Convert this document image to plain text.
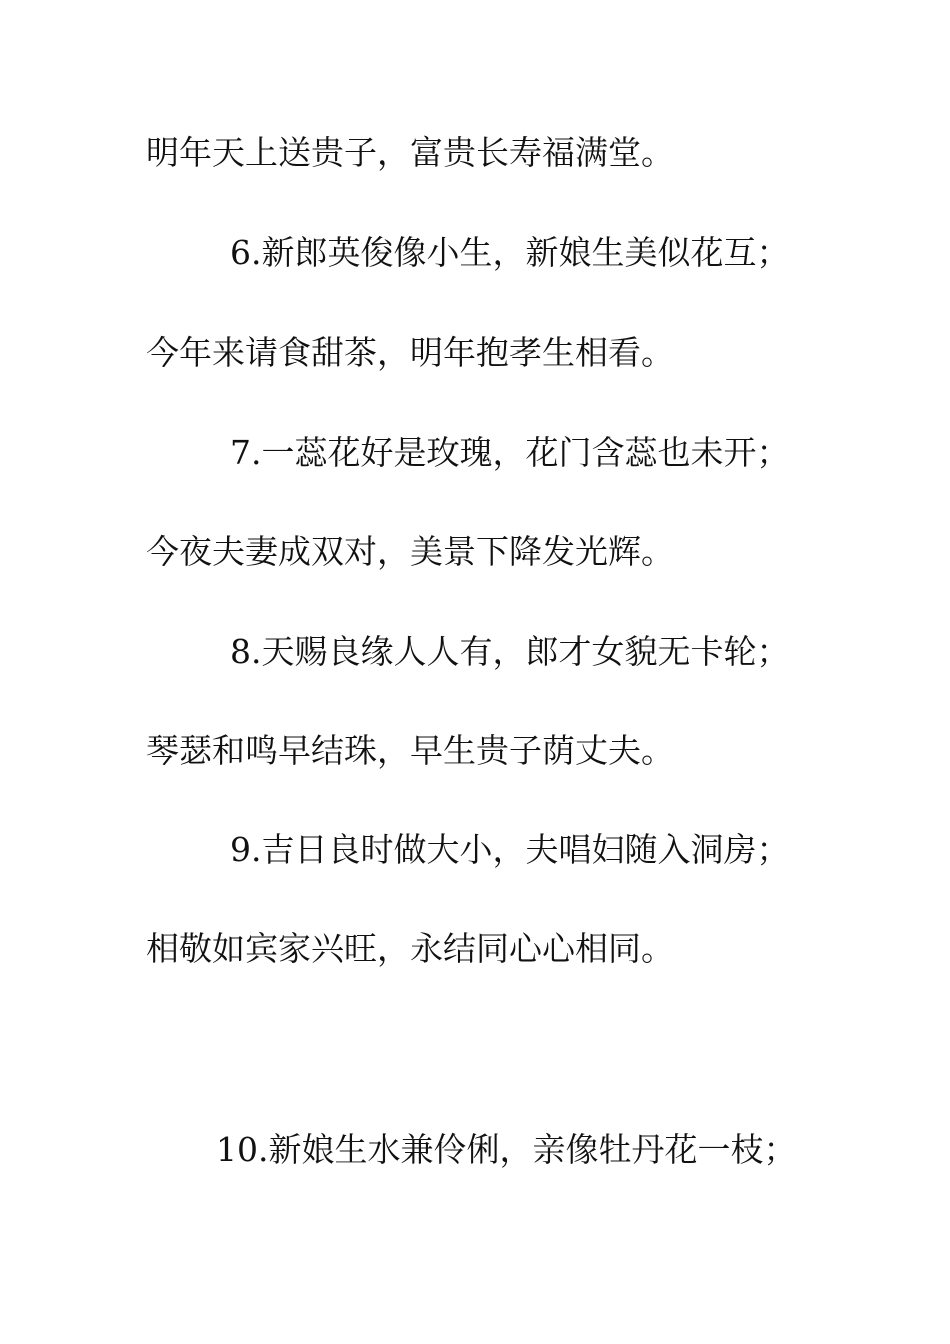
明年天上送贵子，富贵长寿福满堂。
6.新郎英俊像小生，新娘生美似花互；
今年来请食甜茶，明年抱孝生相看。
7.一蕊花好是玫瑰，花门含蕊也未开；
今夜夫妻成双对，美景下降发光辉。
8.天赐良缘人人有，郎才女貌无卡轮；
琴瑟和鸣早结珠，早生贵子荫丈夫。
9.吉日良时做大小，夫唱妇随入洞房；
相敬如宾家兴旺，永结同心心相同。
10.新娘生水兼伶俐，亲像牡丹花一枝；
